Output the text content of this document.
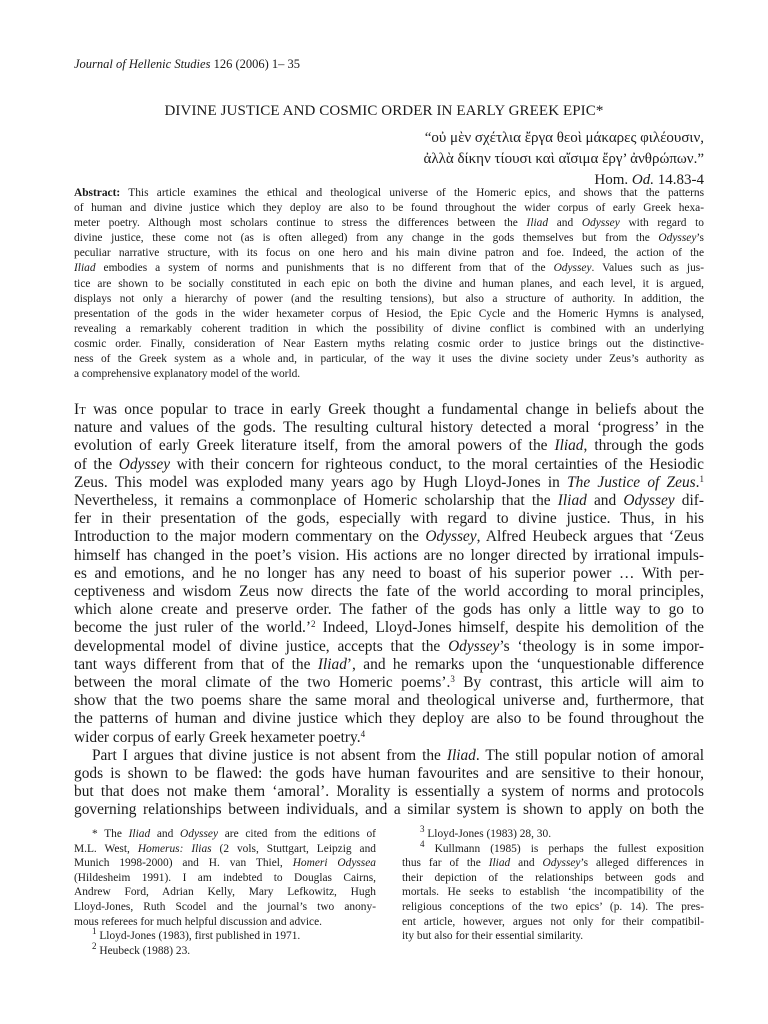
Journal of Hellenic Studies 126 (2006) 1– 35
DIVINE JUSTICE AND COSMIC ORDER IN EARLY GREEK EPIC*
“οὐ μὲν σχέτλια ἔργα θεοὶ μάκαρες φιλέουσιν,
ἀλλὰ δίκην τίουσι καὶ αἴσιμα ἔργ’ ἀνθρώπων.”
Hom. Od. 14.83-4
Abstract: This article examines the ethical and theological universe of the Homeric epics, and shows that the patterns
of human and divine justice which they deploy are also to be found throughout the wider corpus of early Greek hexa-
meter poetry. Although most scholars continue to stress the differences between the Iliad and Odyssey with regard to
divine justice, these come not (as is often alleged) from any change in the gods themselves but from the Odyssey’s
peculiar narrative structure, with its focus on one hero and his main divine patron and foe. Indeed, the action of the
Iliad embodies a system of norms and punishments that is no different from that of the Odyssey. Values such as jus-
tice are shown to be socially constituted in each epic on both the divine and human planes, and each level, it is argued,
displays not only a hierarchy of power (and the resulting tensions), but also a structure of authority. In addition, the
presentation of the gods in the wider hexameter corpus of Hesiod, the Epic Cycle and the Homeric Hymns is analysed,
revealing a remarkably coherent tradition in which the possibility of divine conflict is combined with an underlying
cosmic order. Finally, consideration of Near Eastern myths relating cosmic order to justice brings out the distinctive-
ness of the Greek system as a whole and, in particular, of the way it uses the divine society under Zeus’s authority as
a comprehensive explanatory model of the world.
It was once popular to trace in early Greek thought a fundamental change in beliefs about the
nature and values of the gods. The resulting cultural history detected a moral ‘progress’ in the
evolution of early Greek literature itself, from the amoral powers of the Iliad, through the gods
of the Odyssey with their concern for righteous conduct, to the moral certainties of the Hesiodic
Zeus. This model was exploded many years ago by Hugh Lloyd-Jones in The Justice of Zeus.$^1$
Nevertheless, it remains a commonplace of Homeric scholarship that the Iliad and Odyssey dif-
fer in their presentation of the gods, especially with regard to divine justice. Thus, in his
Introduction to the major modern commentary on the Odyssey, Alfred Heubeck argues that ‘Zeus
himself has changed in the poet’s vision. His actions are no longer directed by irrational impuls-
es and emotions, and he no longer has any need to boast of his superior power … With per-
ceptiveness and wisdom Zeus now directs the fate of the world according to moral principles,
which alone create and preserve order. The father of the gods has only a little way to go to
become the just ruler of the world.’$^2$ Indeed, Lloyd-Jones himself, despite his demolition of the
developmental model of divine justice, accepts that the Odyssey’s ‘theology is in some impor-
tant ways different from that of the Iliad’, and he remarks upon the ‘unquestionable difference
between the moral climate of the two Homeric poems’.$^3$ By contrast, this article will aim to
show that the two poems share the same moral and theological universe and, furthermore, that
the patterns of human and divine justice which they deploy are also to be found throughout the
wider corpus of early Greek hexameter poetry.$^4$
Part I argues that divine justice is not absent from the Iliad. The still popular notion of amoral
gods is shown to be flawed: the gods have human favourites and are sensitive to their honour,
but that does not make them ‘amoral’. Morality is essentially a system of norms and protocols
governing relationships between individuals, and a similar system is shown to apply on both the
* The Iliad and Odyssey are cited from the editions of
M.L. West, Homerus: Ilias (2 vols, Stuttgart, Leipzig and
Munich 1998-2000) and H. van Thiel, Homeri Odyssea
(Hildesheim 1991). I am indebted to Douglas Cairns,
Andrew Ford, Adrian Kelly, Mary Lefkowitz, Hugh
Lloyd-Jones, Ruth Scodel and the journal’s two anony-
mous referees for much helpful discussion and advice.
$^1$ Lloyd-Jones (1983), first published in 1971.
$^2$ Heubeck (1988) 23.
$^3$ Lloyd-Jones (1983) 28, 30.
$^4$ Kullmann (1985) is perhaps the fullest exposition
thus far of the Iliad and Odyssey’s alleged differences in
their depiction of the relationships between gods and
mortals. He seeks to establish ‘the incompatibility of the
religious conceptions of the two epics’ (p. 14). The pres-
ent article, however, argues not only for their compatibil-
ity but also for their essential similarity.
